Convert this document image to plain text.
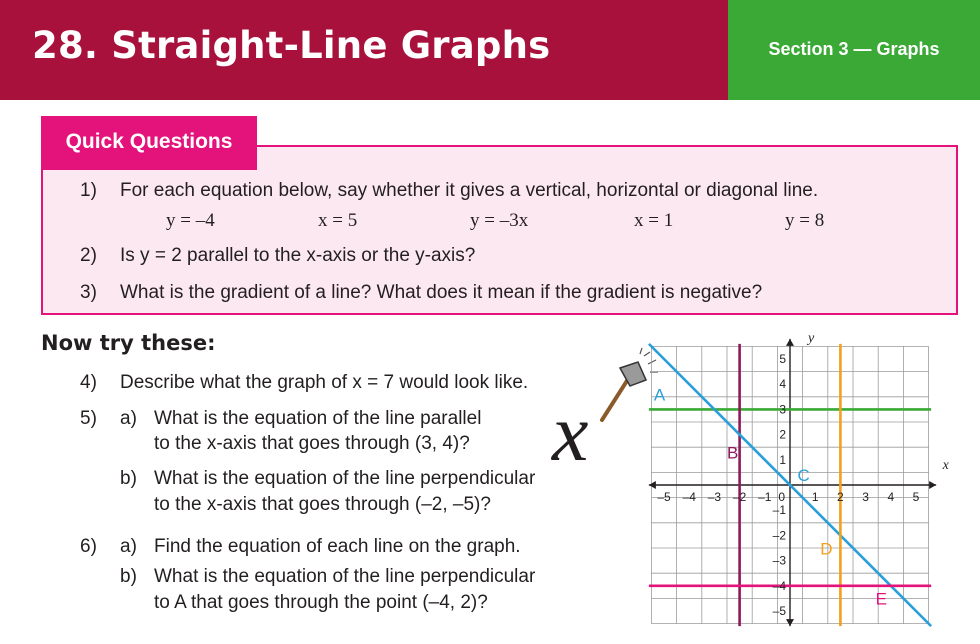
28. Straight-Line Graphs	Section 3 — Graphs
Quick Questions
1) For each equation below, say whether it gives a vertical, horizontal or diagonal line.
y = –4	x = 5	y = –3x	x = 1	y = 8
2) Is y = 2 parallel to the x-axis or the y-axis?
3) What is the gradient of a line? What does it mean if the gradient is negative?
Now try these:
4) Describe what the graph of x = 7 would look like.
5) a) What is the equation of the line parallel
to the x-axis that goes through (3, 4)?
b) What is the equation of the line perpendicular
to the x-axis that goes through (–2, –5)?
6) a) Find the equation of each line on the graph.
b) What is the equation of the line perpendicular
to A that goes through the point (–4, 2)?
x	x
y
–5 –4 –3 –2 –1 0 1 2 3 4 5
5
4
3
2
1
–1
–2
–3
–4
–5
A
B
C
D
E
